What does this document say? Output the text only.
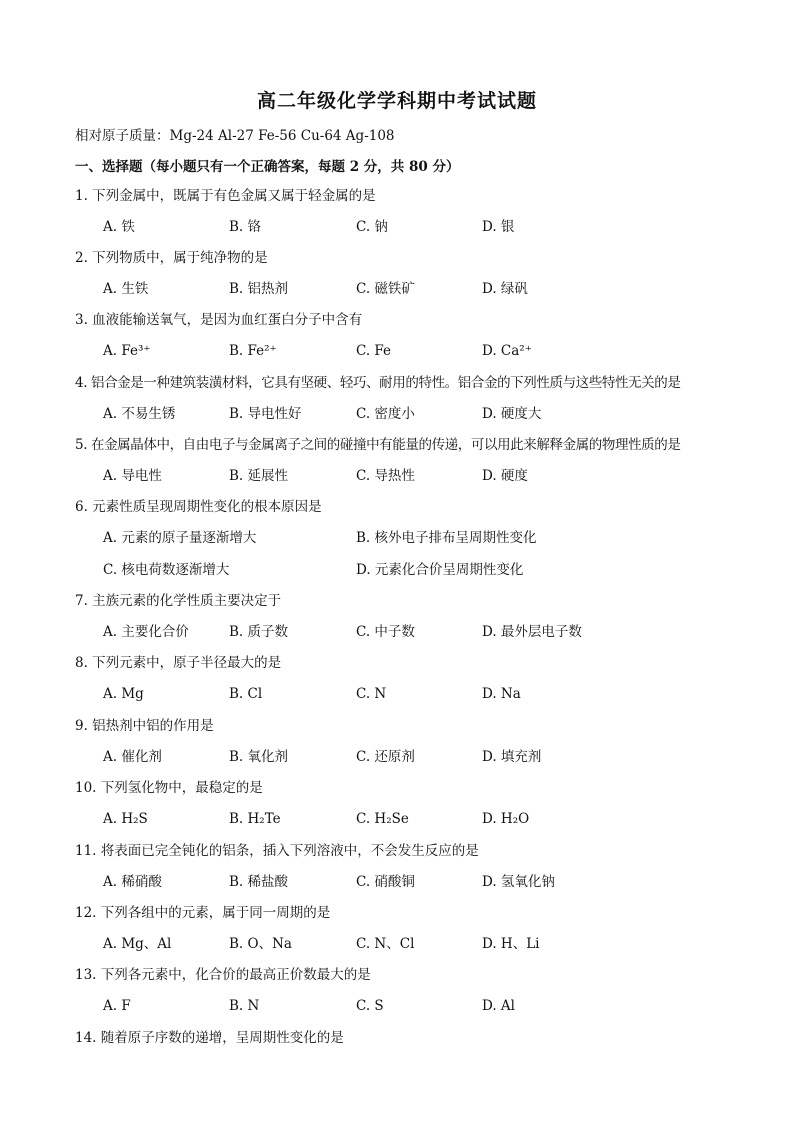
高二年级化学学科期中考试试题
相对原子质量：Mg-24 Al-27 Fe-56 Cu-64 Ag-108
一、选择题（每小题只有一个正确答案，每题 2 分，共 80 分）
1. 下列金属中，既属于有色金属又属于轻金属的是
A. 铁	B. 铬	C. 钠	D. 银
2. 下列物质中，属于纯净物的是
A. 生铁	B. 铝热剂	C. 磁铁矿	D. 绿矾
3. 血液能输送氧气，是因为血红蛋白分子中含有
A. Fe³⁺	B. Fe²⁺	C. Fe	D. Ca²⁺
4. 铝合金是一种建筑装潢材料，它具有坚硬、轻巧、耐用的特性。铝合金的下列性质与这些特性无关的是
A. 不易生锈	B. 导电性好	C. 密度小	D. 硬度大
5. 在金属晶体中，自由电子与金属离子之间的碰撞中有能量的传递，可以用此来解释金属的物理性质的是
A. 导电性	B. 延展性	C. 导热性	D. 硬度
6. 元素性质呈现周期性变化的根本原因是
A. 元素的原子量逐渐增大	B. 核外电子排布呈周期性变化
C. 核电荷数逐渐增大	D. 元素化合价呈周期性变化
7. 主族元素的化学性质主要决定于
A. 主要化合价	B. 质子数	C. 中子数	D. 最外层电子数
8. 下列元素中，原子半径最大的是
A. Mg	B. Cl	C. N	D. Na
9. 铝热剂中铝的作用是
A. 催化剂	B. 氧化剂	C. 还原剂	D. 填充剂
10. 下列氢化物中，最稳定的是
A. H₂S	B. H₂Te	C. H₂Se	D. H₂O
11. 将表面已完全钝化的铝条，插入下列溶液中，不会发生反应的是
A. 稀硝酸	B. 稀盐酸	C. 硝酸铜	D. 氢氧化钠
12. 下列各组中的元素，属于同一周期的是
A. Mg、Al	B. O、Na	C. N、Cl	D. H、Li
13. 下列各元素中，化合价的最高正价数最大的是
A. F	B. N	C. S	D. Al
14. 随着原子序数的递增，呈周期性变化的是
